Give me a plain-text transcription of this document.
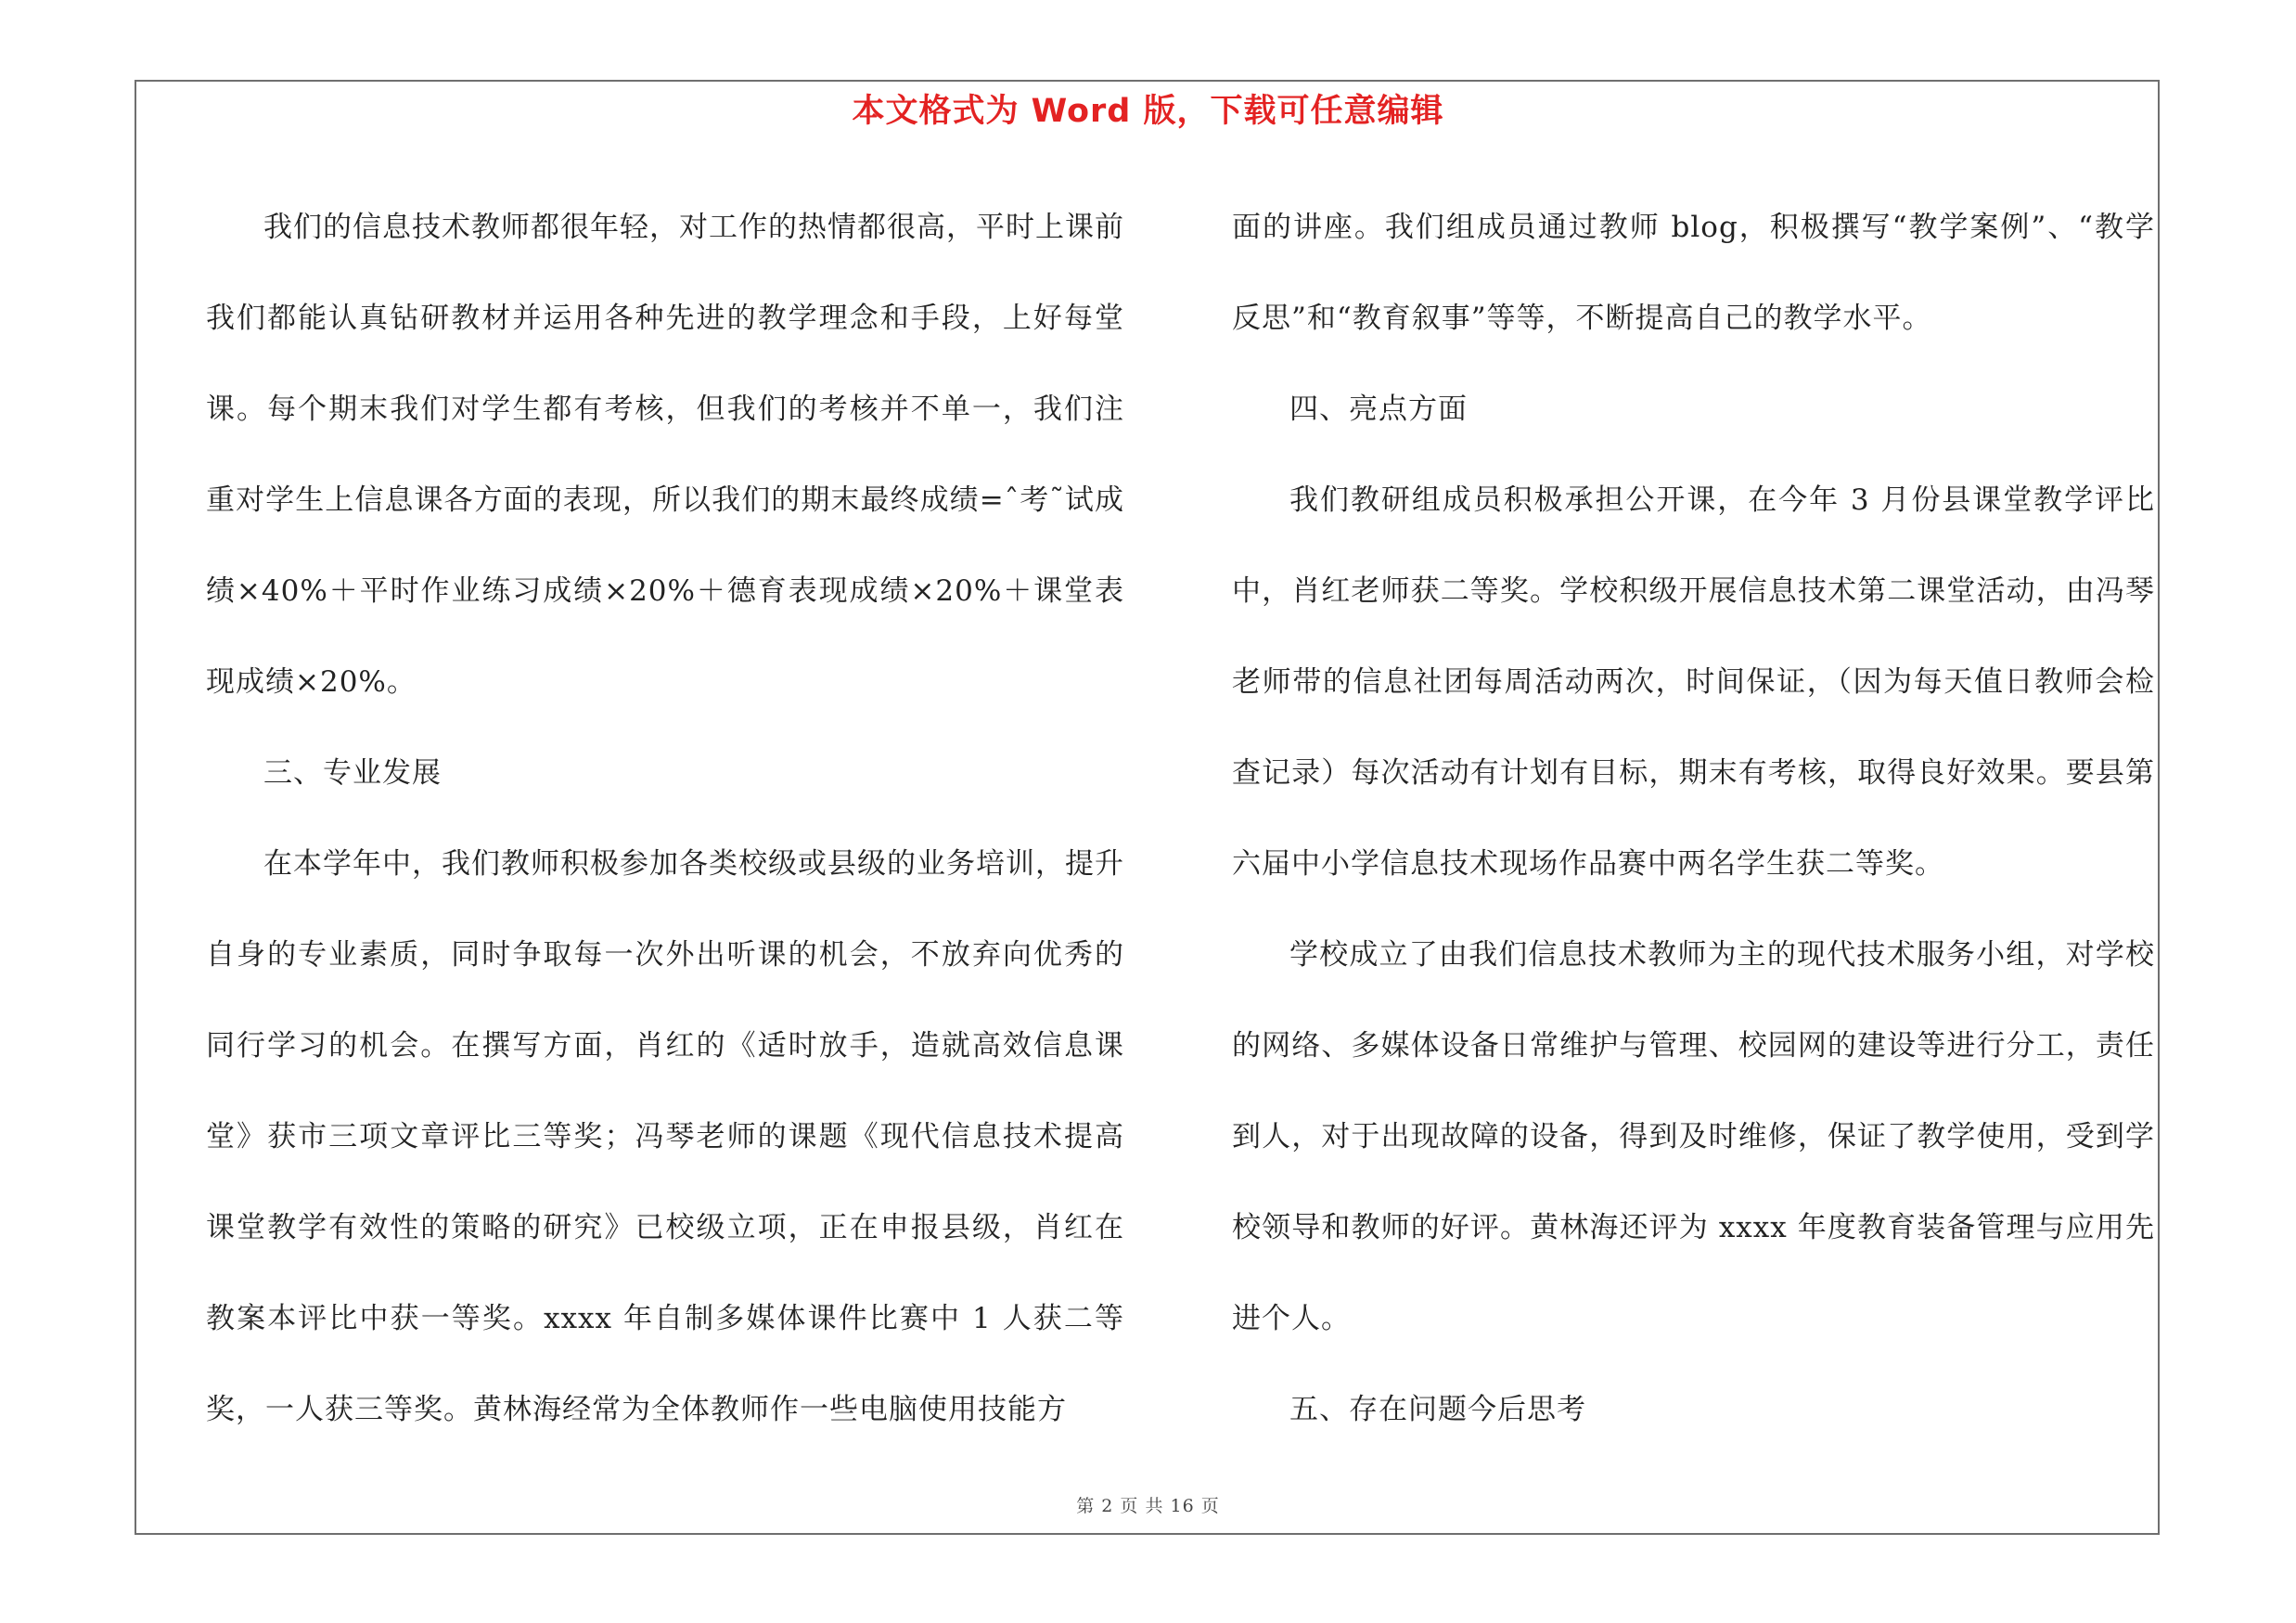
本文格式为 Word 版，下载可任意编辑

我们的信息技术教师都很年轻，对工作的热情都很高，平时上课前我们都能认真钻研教材并运用各种先进的教学理念和手段，上好每堂课。每个期末我们对学生都有考核，但我们的考核并不单一，我们注重对学生上信息课各方面的表现，所以我们的期末最终成绩=ˆ考˜试成绩×40%＋平时作业练习成绩×20%＋德育表现成绩×20%＋课堂表现成绩×20%。

三、专业发展

在本学年中，我们教师积极参加各类校级或县级的业务培训，提升自身的专业素质，同时争取每一次外出听课的机会，不放弃向优秀的同行学习的机会。在撰写方面，肖红的《适时放手，造就高效信息课堂》获市三项文章评比三等奖；冯琴老师的课题《现代信息技术提高课堂教学有效性的策略的研究》已校级立项，正在申报县级，肖红在教案本评比中获一等奖。xxxx 年自制多媒体课件比赛中 1 人获二等奖，一人获三等奖。黄林海经常为全体教师作一些电脑使用技能方

面的讲座。我们组成员通过教师 blog，积极撰写“教学案例”、“教学反思”和“教育叙事”等等，不断提高自己的教学水平。

四、亮点方面

我们教研组成员积极承担公开课，在今年 3 月份县课堂教学评比中，肖红老师获二等奖。学校积级开展信息技术第二课堂活动，由冯琴老师带的信息社团每周活动两次，时间保证，（因为每天值日教师会检查记录）每次活动有计划有目标，期末有考核，取得良好效果。要县第六届中小学信息技术现场作品赛中两名学生获二等奖。

学校成立了由我们信息技术教师为主的现代技术服务小组，对学校的网络、多媒体设备日常维护与管理、校园网的建设等进行分工，责任到人，对于出现故障的设备，得到及时维修，保证了教学使用，受到学校领导和教师的好评。黄林海还评为 xxxx 年度教育装备管理与应用先进个人。

五、存在问题今后思考

第 2 页 共 16 页
